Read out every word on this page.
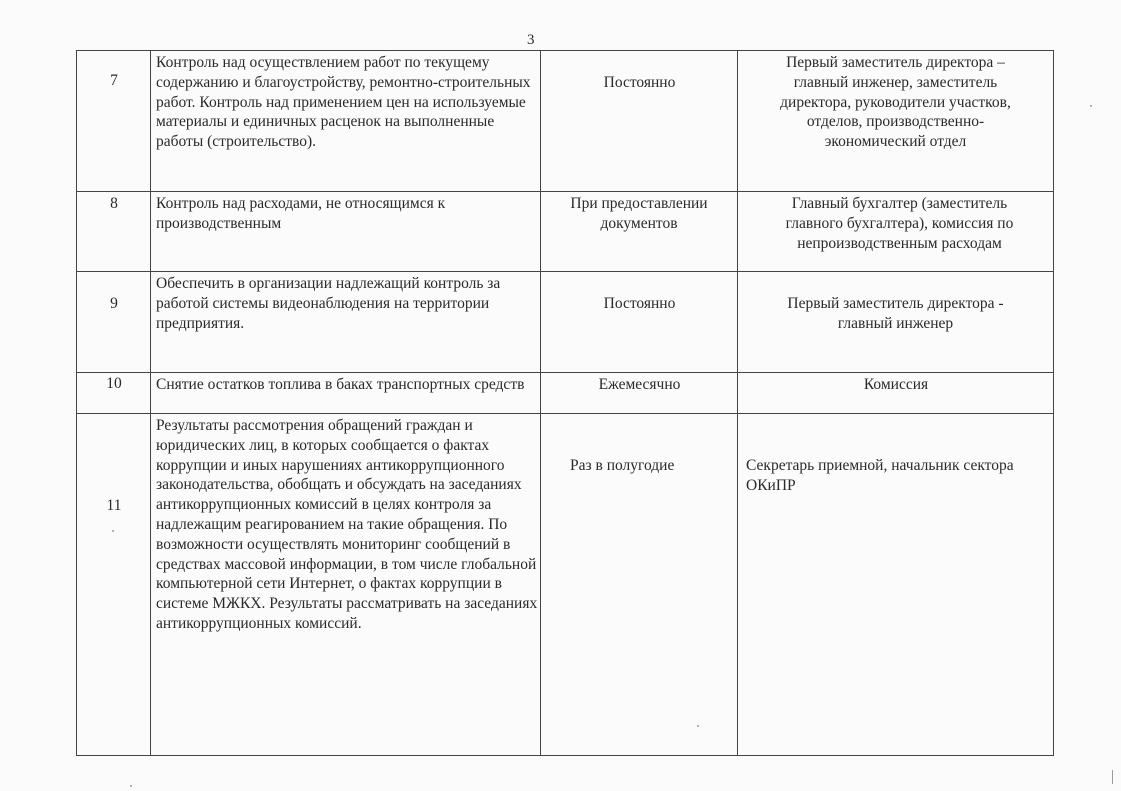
3
7	Контроль над осуществлением работ по текущему содержанию и благоустройству, ремонтно-строительных работ. Контроль над применением цен на используемые материалы и единичных расценок на выполненные работы (строительство).	Постоянно	Первый заместитель директора – главный инженер, заместитель директора, руководители участков, отделов, производственно-экономический отдел
8	Контроль над расходами, не относящимся к производственным	При предоставлении документов	Главный бухгалтер (заместитель главного бухгалтера), комиссия по непроизводственным расходам
9	Обеспечить в организации надлежащий контроль за работой системы видеонаблюдения на территории предприятия.	Постоянно	Первый заместитель директора - главный инженер
10	Снятие остатков топлива в баках транспортных средств	Ежемесячно	Комиссия
11	Результаты рассмотрения обращений граждан и юридических лиц, в которых сообщается о фактах коррупции и иных нарушениях антикоррупционного законодательства, обобщать и обсуждать на заседаниях антикоррупционных комиссий в целях контроля за надлежащим реагированием на такие обращения. По возможности осуществлять мониторинг сообщений в средствах массовой информации, в том числе глобальной компьютерной сети Интернет, о фактах коррупции в системе МЖКХ. Результаты рассматривать на заседаниях антикоррупционных комиссий.	Раз в полугодие	Секретарь приемной, начальник сектора ОКиПР
